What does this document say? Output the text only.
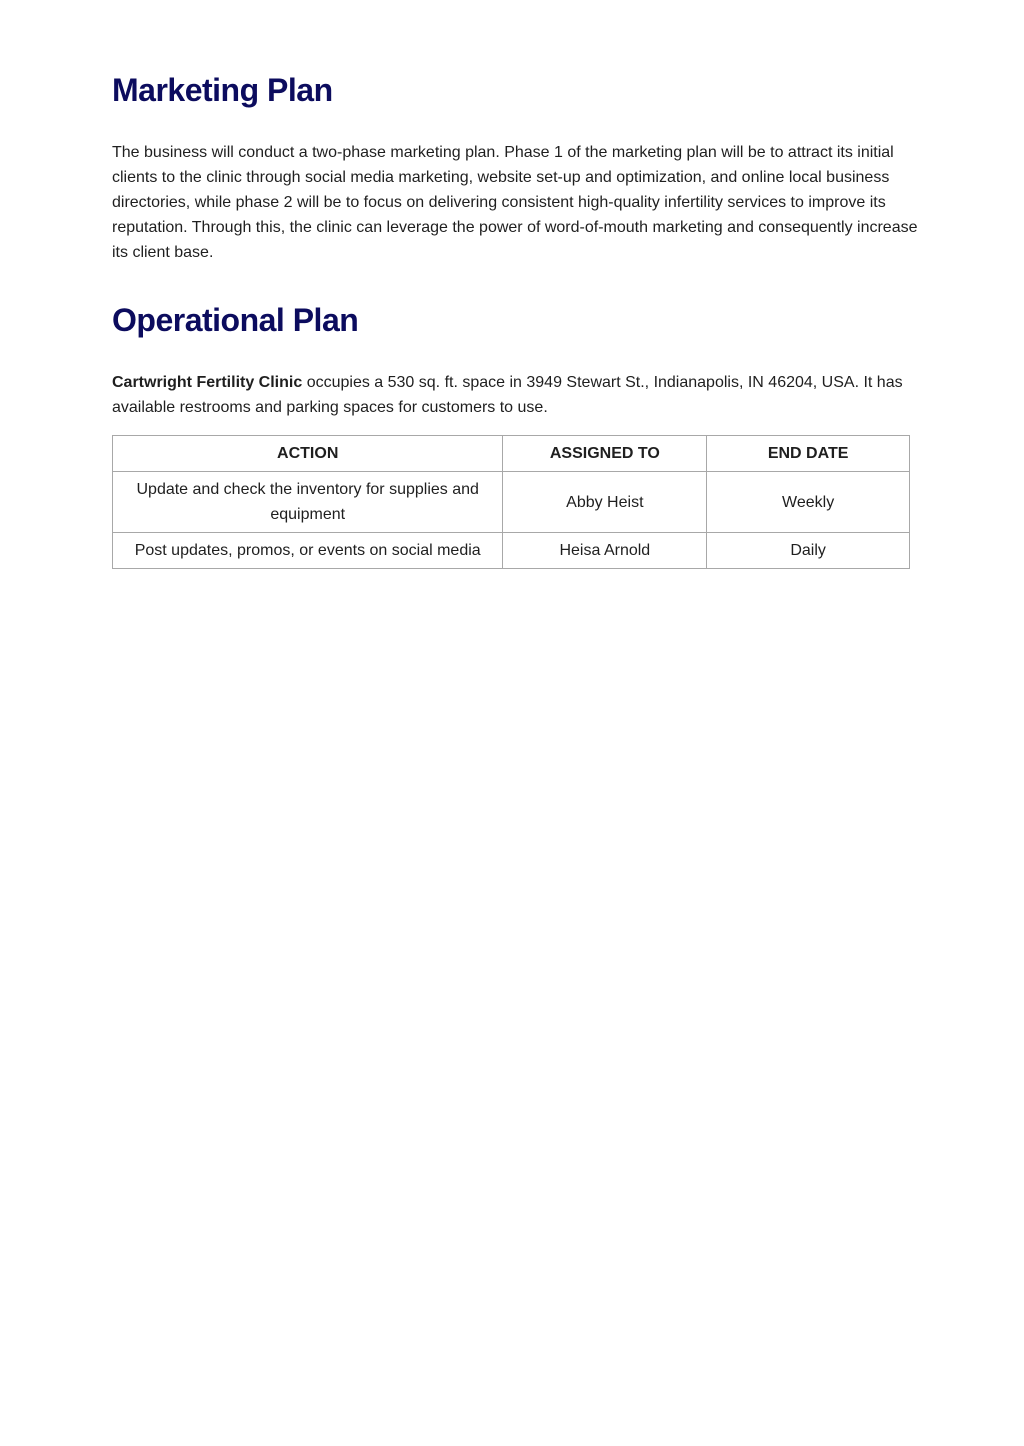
Marketing Plan

The business will conduct a two-phase marketing plan. Phase 1 of the marketing plan will be to attract its initial clients to the clinic through social media marketing, website set-up and optimization, and online local business directories, while phase 2 will be to focus on delivering consistent high-quality infertility services to improve its reputation. Through this, the clinic can leverage the power of word-of-mouth marketing and consequently increase its client base.

Operational Plan

Cartwright Fertility Clinic occupies a 530 sq. ft. space in 3949 Stewart St., Indianapolis, IN 46204, USA. It has available restrooms and parking spaces for customers to use.

ACTION	ASSIGNED TO	END DATE
Update and check the inventory for supplies and equipment	Abby Heist	Weekly
Post updates, promos, or events on social media	Heisa Arnold	Daily
